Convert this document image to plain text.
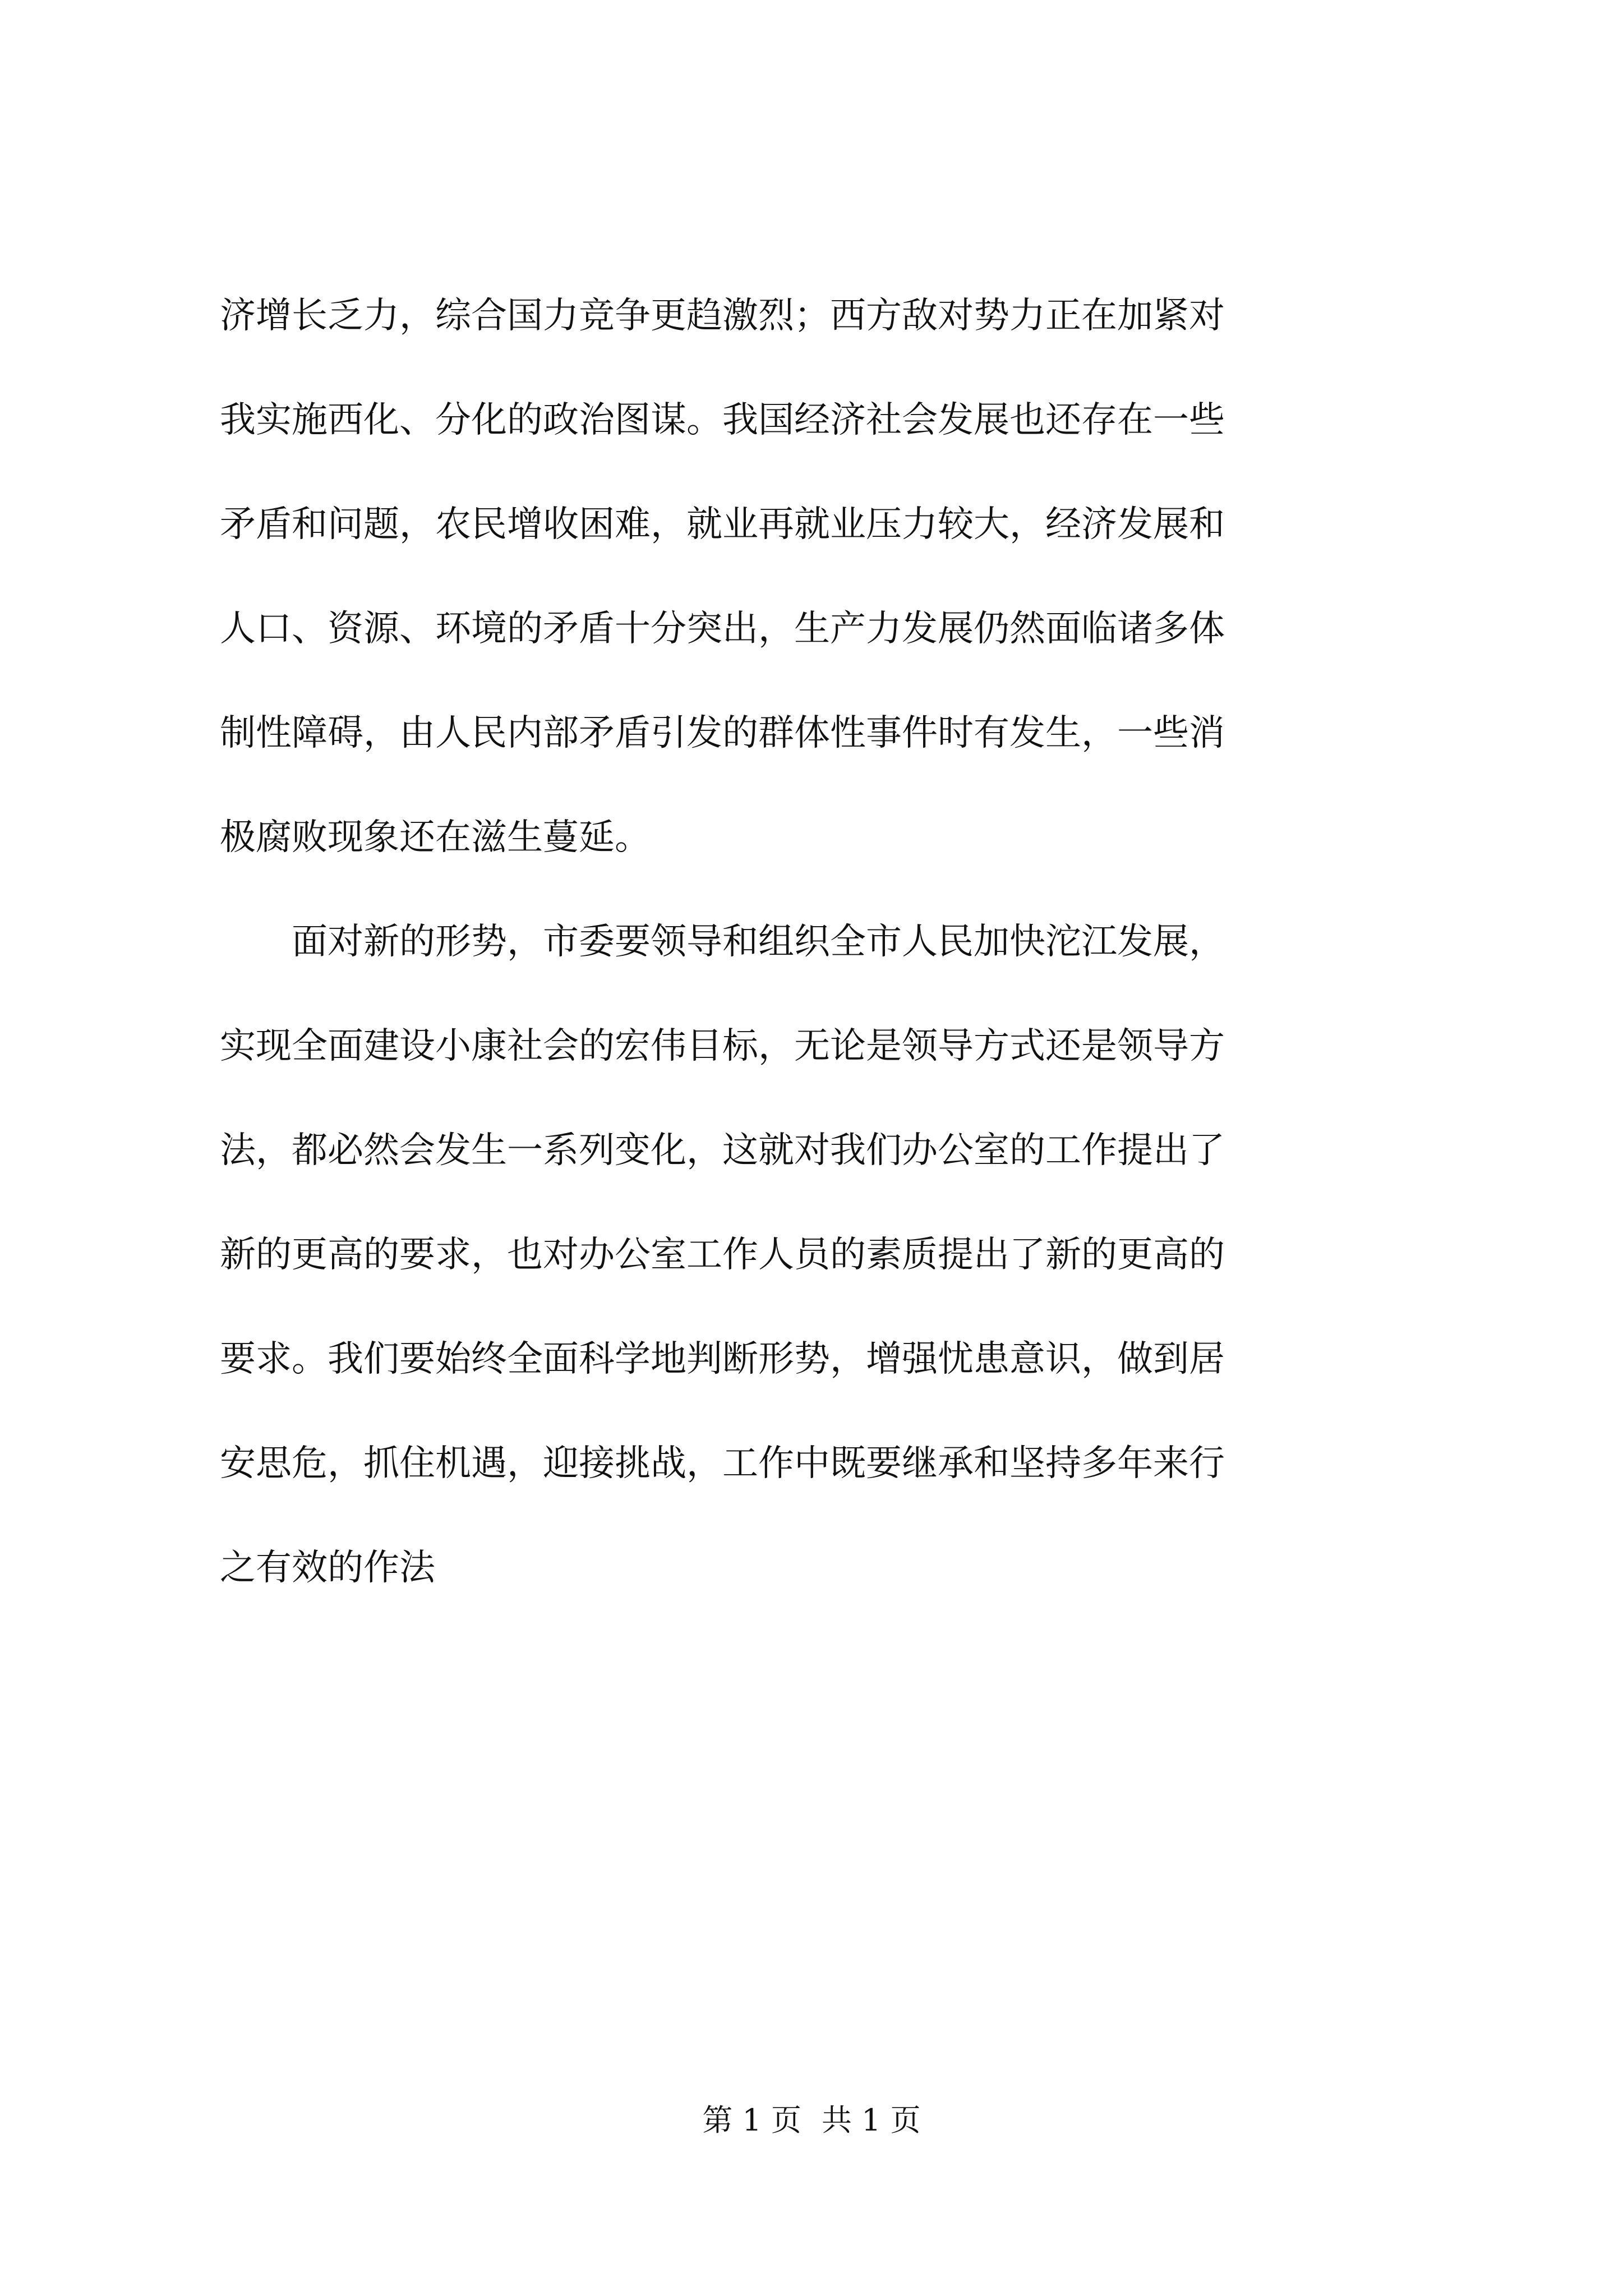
济增长乏力，综合国力竞争更趋激烈；西方敌对势力正在加紧对
我实施西化、分化的政治图谋。我国经济社会发展也还存在一些
矛盾和问题，农民增收困难，就业再就业压力较大，经济发展和
人口、资源、环境的矛盾十分突出，生产力发展仍然面临诸多体
制性障碍，由人民内部矛盾引发的群体性事件时有发生，一些消
极腐败现象还在滋生蔓延。
　　面对新的形势，市委要领导和组织全市人民加快沱江发展，
实现全面建设小康社会的宏伟目标，无论是领导方式还是领导方
法，都必然会发生一系列变化，这就对我们办公室的工作提出了
新的更高的要求，也对办公室工作人员的素质提出了新的更高的
要求。我们要始终全面科学地判断形势，增强忧患意识，做到居
安思危，抓住机遇，迎接挑战，工作中既要继承和坚持多年来行
之有效的作法
第 1 页 共 1 页
